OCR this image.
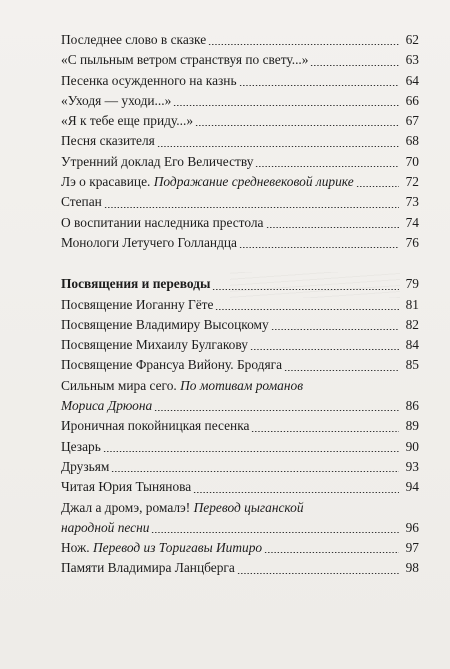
Последнее слово в сказке	62
«С пыльным ветром странствуя по свету...»	63
Песенка осужденного на казнь	64
«Уходя — уходи...»	66
«Я к тебе еще приду...»	67
Песня сказителя	68
Утренний доклад Его Величеству	70
Лэ о красавице. Подражание средневековой лирике	72
Степан	73
О воспитании наследника престола	74
Монологи Летучего Голландца	76
Посвящения и переводы	79
Посвящение Иоганну Гёте	81
Посвящение Владимиру Высоцкому	82
Посвящение Михаилу Булгакову	84
Посвящение Франсуа Вийону. Бродяга	85
Сильным мира сего. По мотивам романов
Мориса Дрюона	86
Ироничная покойницкая песенка	89
Цезарь	90
Друзьям	93
Читая Юрия Тынянова	94
Джал а дромэ, ромалэ! Перевод цыганской
народной песни	96
Нож. Перевод из Торигавы Иитиро	97
Памяти Владимира Ланцберга	98
